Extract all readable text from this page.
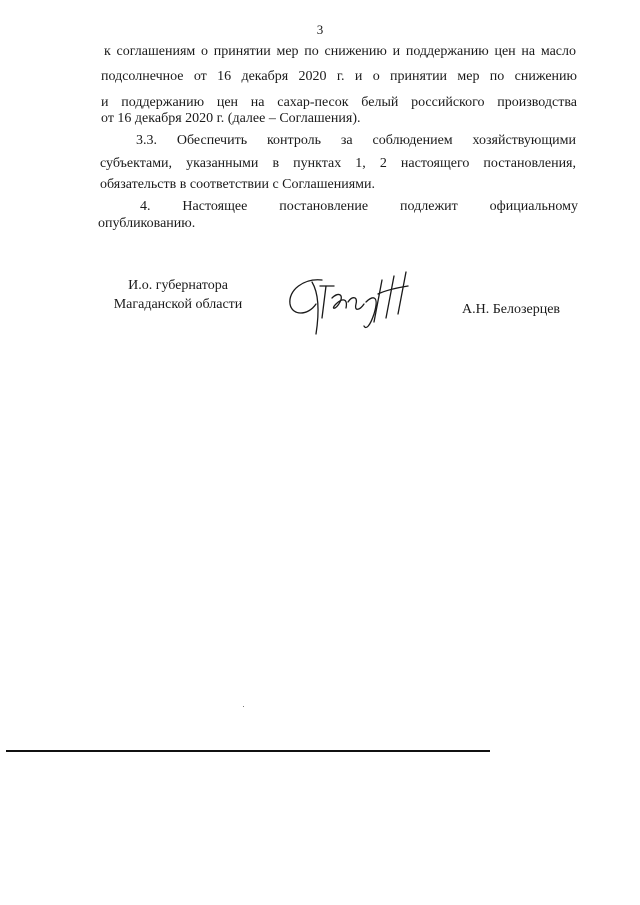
3
к соглашениям о принятии мер по снижению и поддержанию цен на масло
подсолнечное от 16 декабря 2020 г. и о принятии мер по снижению
и поддержанию цен на сахар-песок белый российского производства
от 16 декабря 2020 г. (далее – Соглашения).
3.3. Обеспечить контроль за соблюдением хозяйствующими
субъектами, указанными в пунктах 1, 2 настоящего постановления,
обязательств в соответствии с Соглашениями.
4. Настоящее постановление подлежит официальному
опубликованию.
И.о. губернатора
Магаданской области	А.Н. Белозерцев
